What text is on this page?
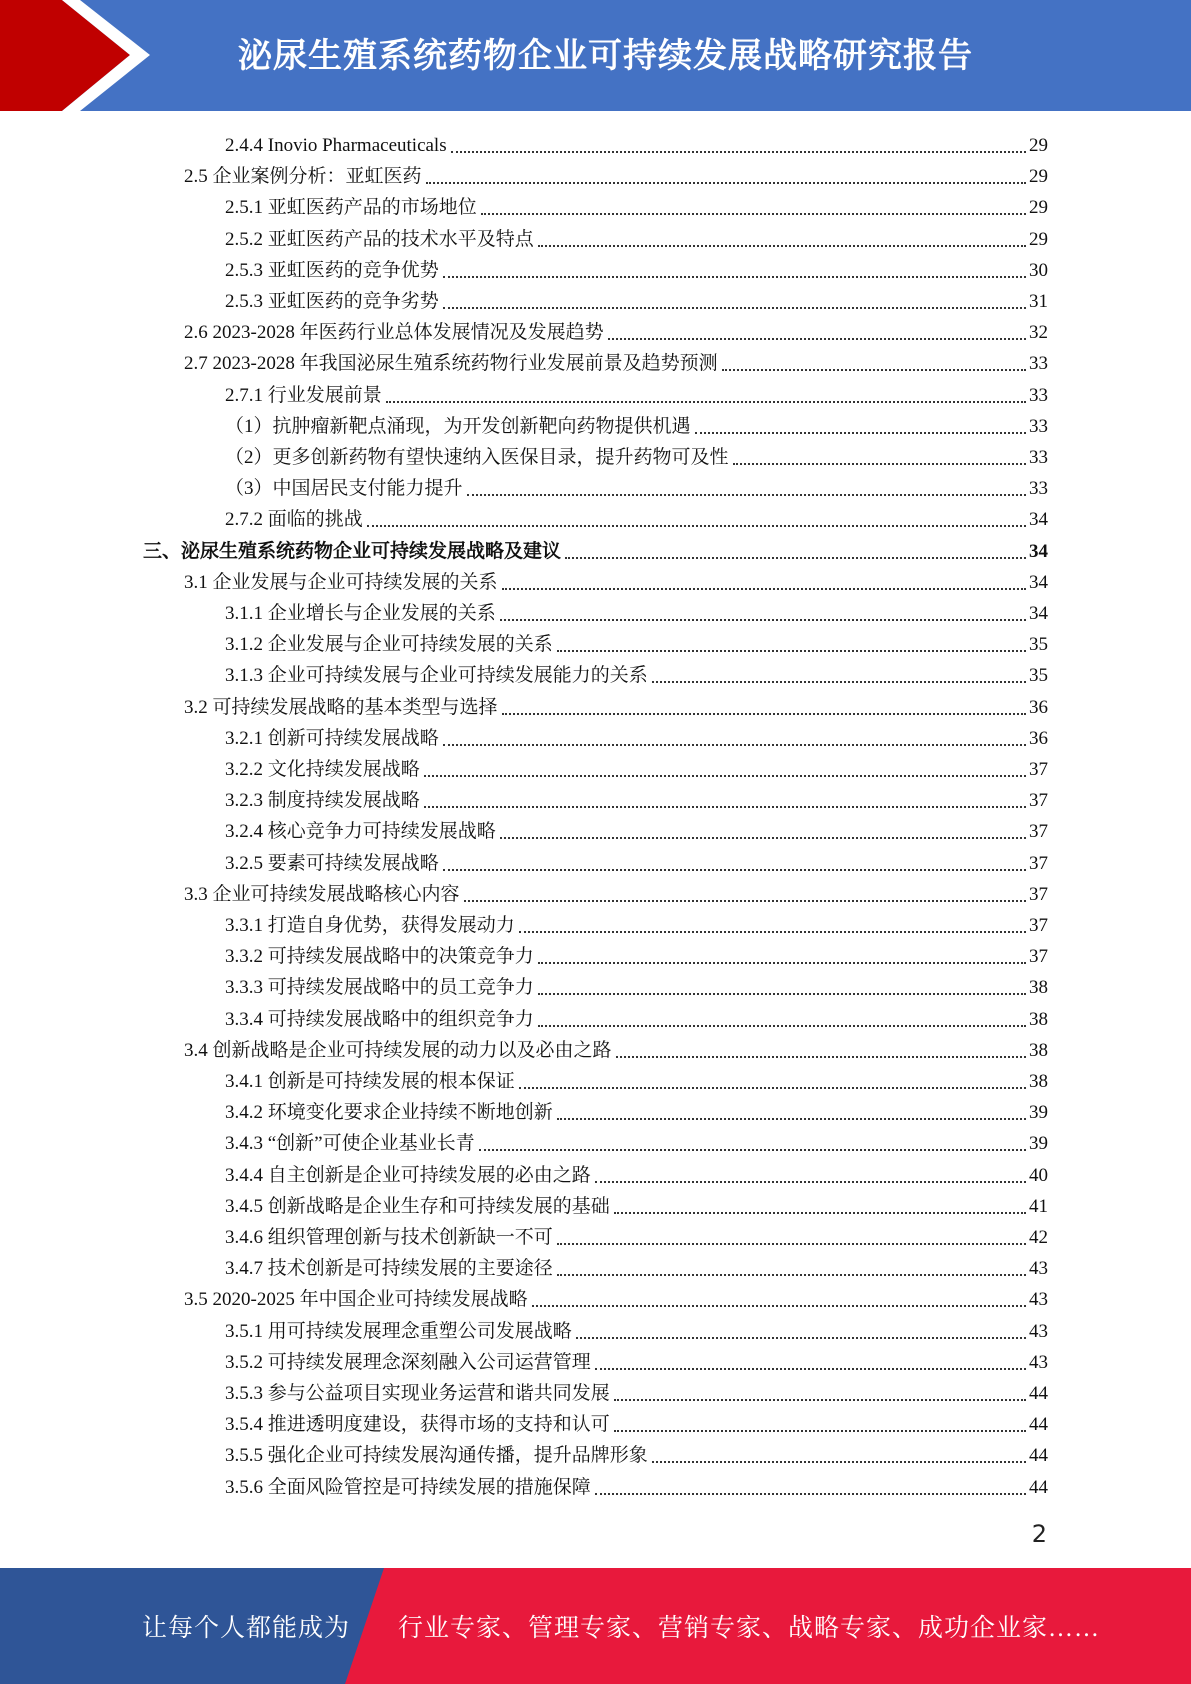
泌尿生殖系统药物企业可持续发展战略研究报告
2.4.4 Inovio Pharmaceuticals	29
2.5 企业案例分析：亚虹医药	29
2.5.1 亚虹医药产品的市场地位	29
2.5.2 亚虹医药产品的技术水平及特点	29
2.5.3 亚虹医药的竞争优势	30
2.5.3 亚虹医药的竞争劣势	31
2.6 2023-2028 年医药行业总体发展情况及发展趋势	32
2.7 2023-2028 年我国泌尿生殖系统药物行业发展前景及趋势预测	33
2.7.1 行业发展前景	33
（1）抗肿瘤新靶点涌现，为开发创新靶向药物提供机遇	33
（2）更多创新药物有望快速纳入医保目录，提升药物可及性	33
（3）中国居民支付能力提升	33
2.7.2 面临的挑战	34
三、泌尿生殖系统药物企业可持续发展战略及建议	34
3.1 企业发展与企业可持续发展的关系	34
3.1.1 企业增长与企业发展的关系	34
3.1.2 企业发展与企业可持续发展的关系	35
3.1.3 企业可持续发展与企业可持续发展能力的关系	35
3.2 可持续发展战略的基本类型与选择	36
3.2.1 创新可持续发展战略	36
3.2.2 文化持续发展战略	37
3.2.3 制度持续发展战略	37
3.2.4 核心竞争力可持续发展战略	37
3.2.5 要素可持续发展战略	37
3.3 企业可持续发展战略核心内容	37
3.3.1 打造自身优势，获得发展动力	37
3.3.2 可持续发展战略中的决策竞争力	37
3.3.3 可持续发展战略中的员工竞争力	38
3.3.4 可持续发展战略中的组织竞争力	38
3.4 创新战略是企业可持续发展的动力以及必由之路	38
3.4.1 创新是可持续发展的根本保证	38
3.4.2 环境变化要求企业持续不断地创新	39
3.4.3 “创新”可使企业基业长青	39
3.4.4 自主创新是企业可持续发展的必由之路	40
3.4.5 创新战略是企业生存和可持续发展的基础	41
3.4.6 组织管理创新与技术创新缺一不可	42
3.4.7 技术创新是可持续发展的主要途径	43
3.5 2020-2025 年中国企业可持续发展战略	43
3.5.1 用可持续发展理念重塑公司发展战略	43
3.5.2 可持续发展理念深刻融入公司运营管理	43
3.5.3 参与公益项目实现业务运营和谐共同发展	44
3.5.4 推进透明度建设，获得市场的支持和认可	44
3.5.5 强化企业可持续发展沟通传播，提升品牌形象	44
3.5.6 全面风险管控是可持续发展的措施保障	44
2
让每个人都能成为 行业专家、管理专家、营销专家、战略专家、成功企业家……
